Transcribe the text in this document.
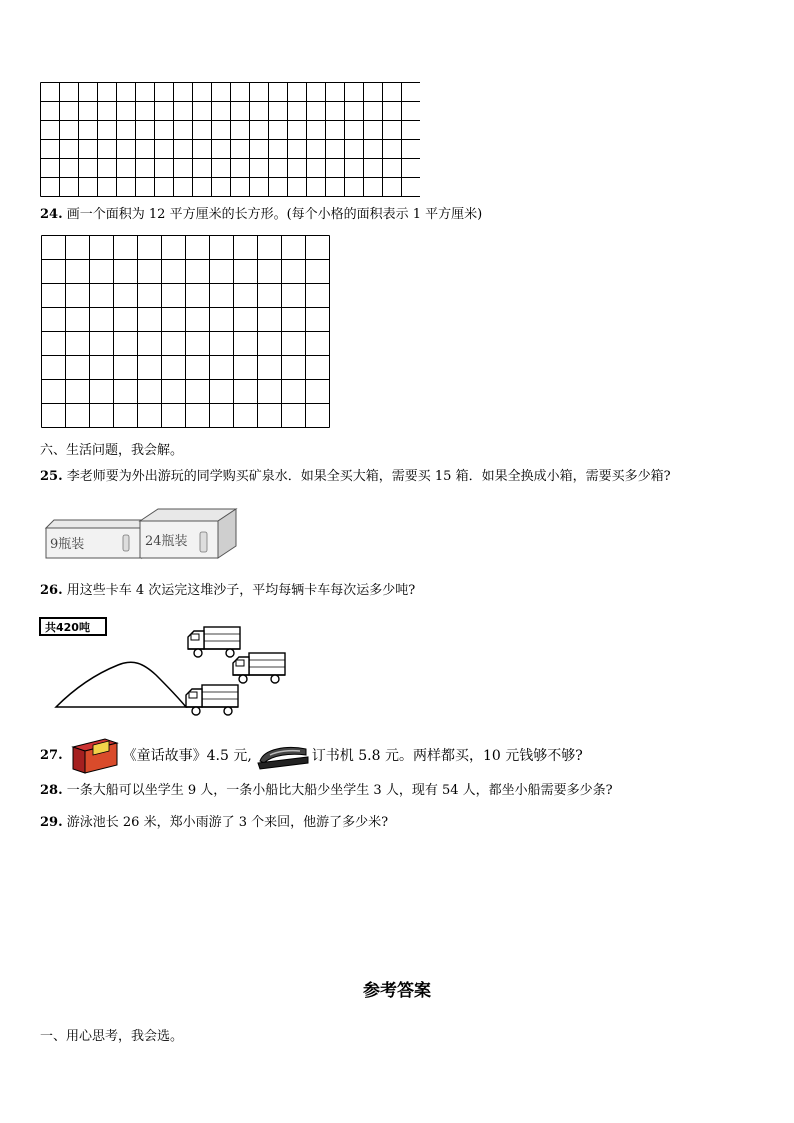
24. 画一个面积为 12 平方厘米的长方形。(每个小格的面积表示 1 平方厘米)
六、生活问题，我会解。
25. 李老师要为外出游玩的同学购买矿泉水．如果全买大箱，需要买 15 箱．如果全换成小箱，需要买多少箱?
9瓶装	24瓶装
26. 用这些卡车 4 次运完这堆沙子，平均每辆卡车每次运多少吨?
共420吨
27.	《童话故事》4.5 元,	订书机 5.8 元。两样都买，10 元钱够不够?
28. 一条大船可以坐学生 9 人，一条小船比大船少坐学生 3 人，现有 54 人，都坐小船需要多少条?
29. 游泳池长 26 米，郑小雨游了 3 个来回，他游了多少米?
参考答案
一、用心思考，我会选。
